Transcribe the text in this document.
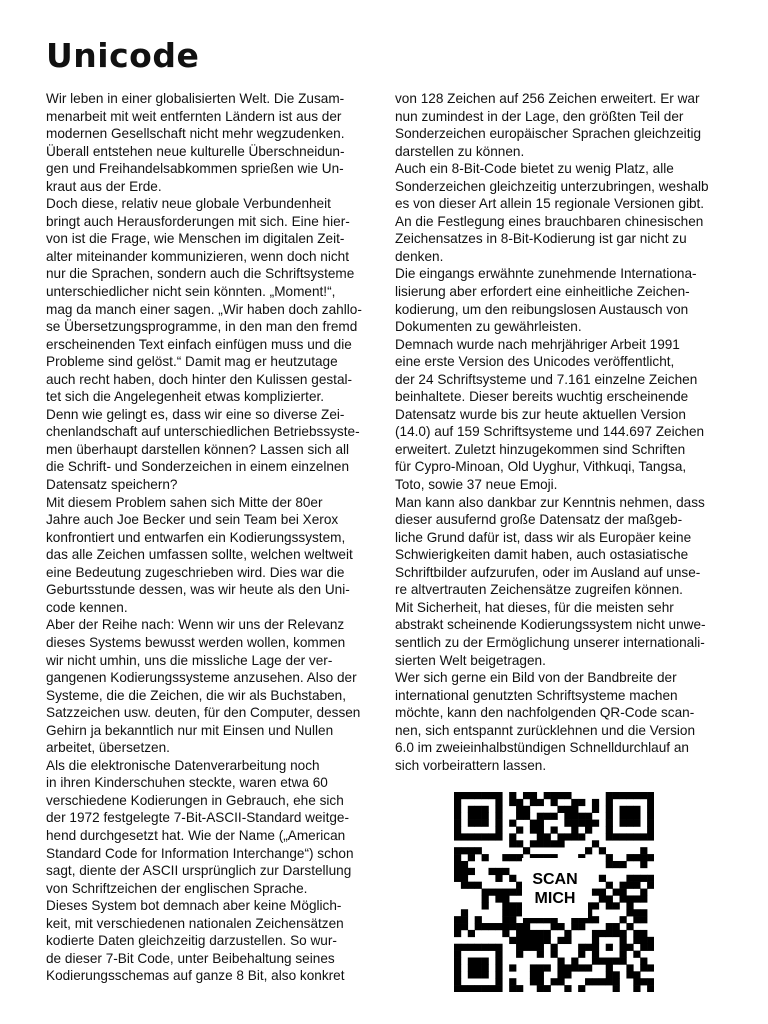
Unicode
Wir leben in einer globalisierten Welt. Die Zusam-
menarbeit mit weit entfernten Ländern ist aus der
modernen Gesellschaft nicht mehr wegzudenken.
Überall entstehen neue kulturelle Überschneidun-
gen und Freihandelsabkommen sprießen wie Un-
kraut aus der Erde.
Doch diese, relativ neue globale Verbundenheit
bringt auch Herausforderungen mit sich. Eine hier-
von ist die Frage, wie Menschen im digitalen Zeit-
alter miteinander kommunizieren, wenn doch nicht
nur die Sprachen, sondern auch die Schriftsysteme
unterschiedlicher nicht sein könnten. „Moment!“,
mag da manch einer sagen. „Wir haben doch zahllo-
se Übersetzungsprogramme, in den man den fremd
erscheinenden Text einfach einfügen muss und die
Probleme sind gelöst.“ Damit mag er heutzutage
auch recht haben, doch hinter den Kulissen gestal-
tet sich die Angelegenheit etwas komplizierter.
Denn wie gelingt es, dass wir eine so diverse Zei-
chenlandschaft auf unterschiedlichen Betriebssyste-
men überhaupt darstellen können? Lassen sich all
die Schrift- und Sonderzeichen in einem einzelnen
Datensatz speichern?
Mit diesem Problem sahen sich Mitte der 80er
Jahre auch Joe Becker und sein Team bei Xerox
konfrontiert und entwarfen ein Kodierungssystem,
das alle Zeichen umfassen sollte, welchen weltweit
eine Bedeutung zugeschrieben wird. Dies war die
Geburtsstunde dessen, was wir heute als den Uni-
code kennen.
Aber der Reihe nach: Wenn wir uns der Relevanz
dieses Systems bewusst werden wollen, kommen
wir nicht umhin, uns die missliche Lage der ver-
gangenen Kodierungssysteme anzusehen. Also der
Systeme, die die Zeichen, die wir als Buchstaben,
Satzzeichen usw. deuten, für den Computer, dessen
Gehirn ja bekanntlich nur mit Einsen und Nullen
arbeitet, übersetzen.
Als die elektronische Datenverarbeitung noch
in ihren Kinderschuhen steckte, waren etwa 60
verschiedene Kodierungen in Gebrauch, ehe sich
der 1972 festgelegte 7-Bit-ASCII-Standard weitge-
hend durchgesetzt hat. Wie der Name („American
Standard Code for Information Interchange“) schon
sagt, diente der ASCII ursprünglich zur Darstellung
von Schriftzeichen der englischen Sprache.
Dieses System bot demnach aber keine Möglich-
keit, mit verschiedenen nationalen Zeichensätzen
kodierte Daten gleichzeitig darzustellen. So wur-
de dieser 7-Bit Code, unter Beibehaltung seines
Kodierungsschemas auf ganze 8 Bit, also konkret
von 128 Zeichen auf 256 Zeichen erweitert. Er war
nun zumindest in der Lage, den größten Teil der
Sonderzeichen europäischer Sprachen gleichzeitig
darstellen zu können.
Auch ein 8-Bit-Code bietet zu wenig Platz, alle
Sonderzeichen gleichzeitig unterzubringen, weshalb
es von dieser Art allein 15 regionale Versionen gibt.
An die Festlegung eines brauchbaren chinesischen
Zeichensatzes in 8-Bit-Kodierung ist gar nicht zu
denken.
Die eingangs erwähnte zunehmende Internationa-
lisierung aber erfordert eine einheitliche Zeichen-
kodierung, um den reibungslosen Austausch von
Dokumenten zu gewährleisten.
Demnach wurde nach mehrjähriger Arbeit 1991
eine erste Version des Unicodes veröffentlicht,
der 24 Schriftsysteme und 7.161 einzelne Zeichen
beinhaltete. Dieser bereits wuchtig erscheinende
Datensatz wurde bis zur heute aktuellen Version
(14.0) auf 159 Schriftsysteme und 144.697 Zeichen
erweitert. Zuletzt hinzugekommen sind Schriften
für Cypro-Minoan, Old Uyghur, Vithkuqi, Tangsa,
Toto, sowie 37 neue Emoji.
Man kann also dankbar zur Kenntnis nehmen, dass
dieser ausufernd große Datensatz der maßgeb-
liche Grund dafür ist, dass wir als Europäer keine
Schwierigkeiten damit haben, auch ostasiatische
Schriftbilder aufzurufen, oder im Ausland auf unse-
re altvertrauten Zeichensätze zugreifen können.
Mit Sicherheit, hat dieses, für die meisten sehr
abstrakt scheinende Kodierungssystem nicht unwe-
sentlich zu der Ermöglichung unserer internationali-
sierten Welt beigetragen.
Wer sich gerne ein Bild von der Bandbreite der
international genutzten Schriftsysteme machen
möchte, kann den nachfolgenden QR-Code scan-
nen, sich entspannt zurücklehnen und die Version
6.0 im zweieinhalbstündigen Schnelldurchlauf an
sich vorbeirattern lassen.
SCAN
MICH
